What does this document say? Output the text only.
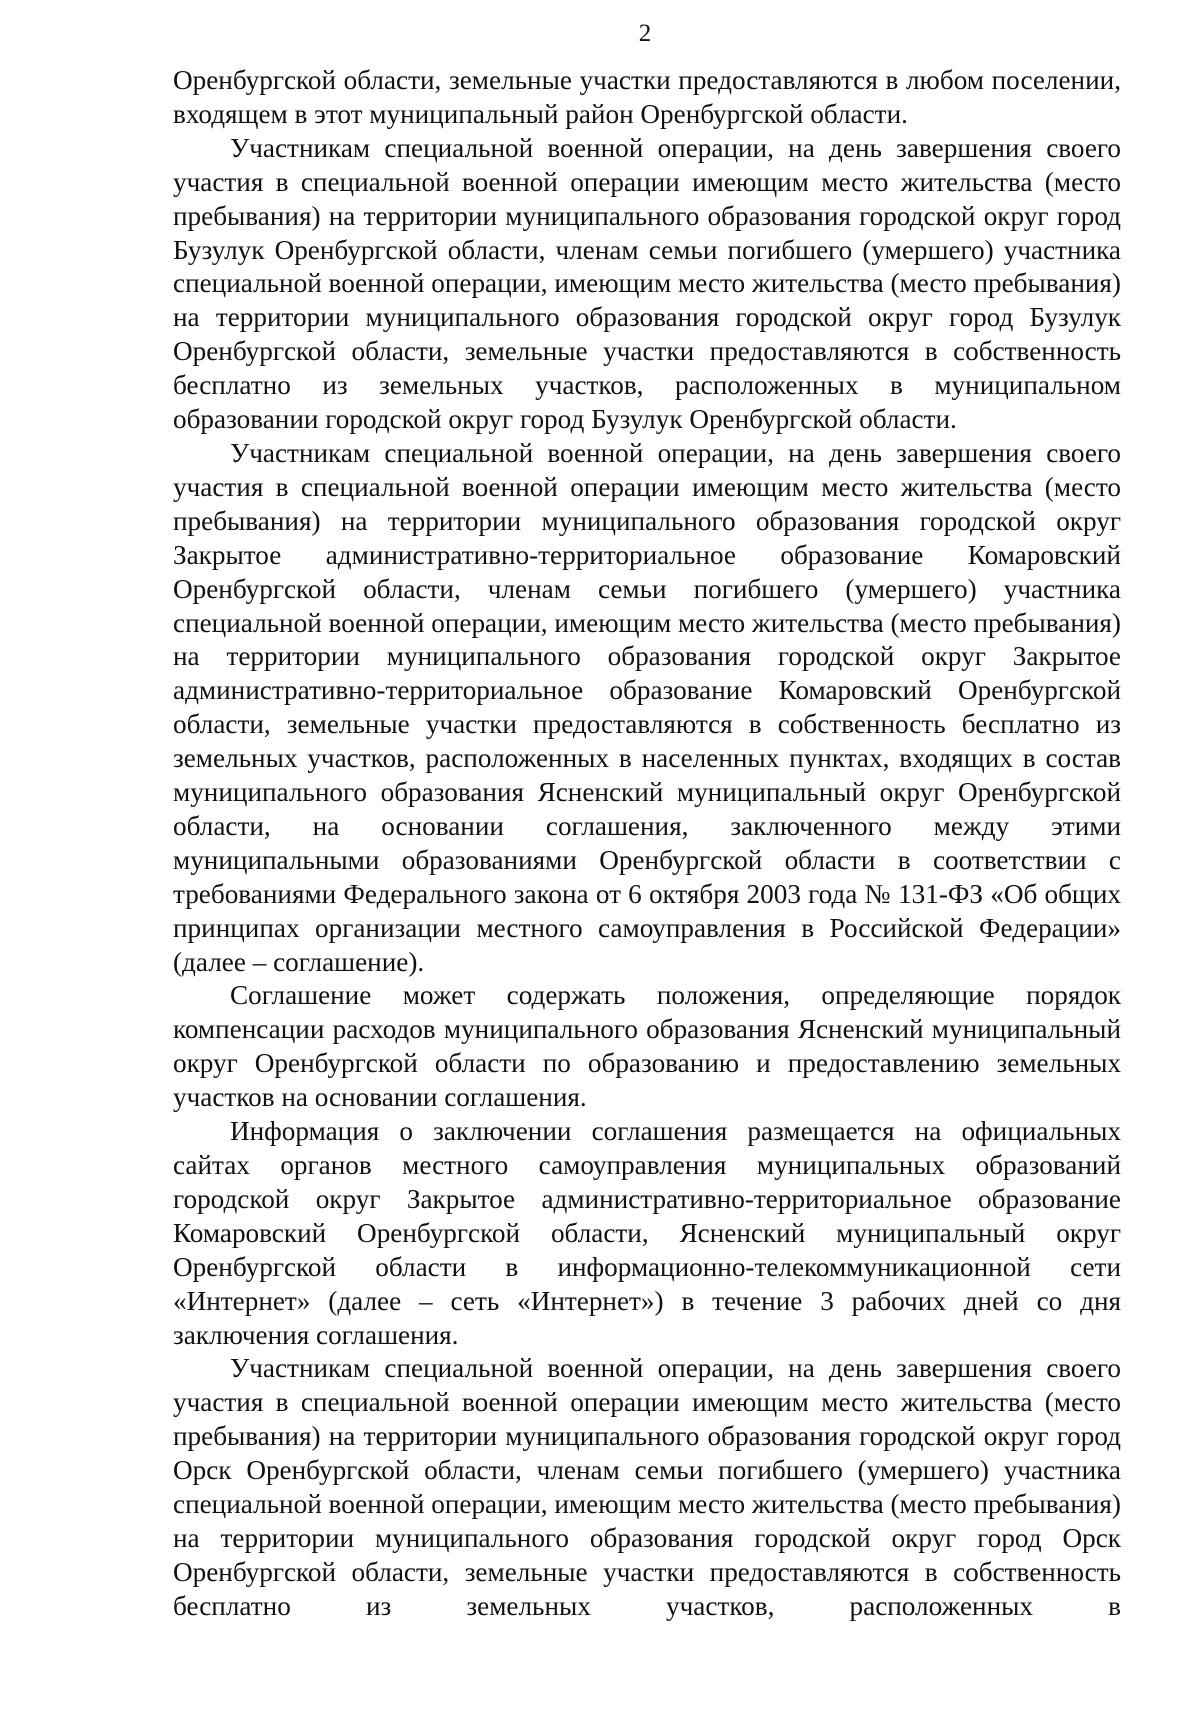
2

Оренбургской области, земельные участки предоставляются в любом поселении, входящем в этот муниципальный район Оренбургской области.

Участникам специальной военной операции, на день завершения своего участия в специальной военной операции имеющим место жительства (место пребывания) на территории муниципального образования городской округ город Бузулук Оренбургской области, членам семьи погибшего (умершего) участника специальной военной операции, имеющим место жительства (место пребывания) на территории муниципального образования городской округ город Бузулук Оренбургской области, земельные участки предоставляются в собственность бесплатно из земельных участков, расположенных в муниципальном образовании городской округ город Бузулук Оренбургской области.

Участникам специальной военной операции, на день завершения своего участия в специальной военной операции имеющим место жительства (место пребывания) на территории муниципального образования городской округ Закрытое административно-территориальное образование Комаровский Оренбургской области, членам семьи погибшего (умершего) участника специальной военной операции, имеющим место жительства (место пребывания) на территории муниципального образования городской округ Закрытое административно-территориальное образование Комаровский Оренбургской области, земельные участки предоставляются в собственность бесплатно из земельных участков, расположенных в населенных пунктах, входящих в состав муниципального образования Ясненский муниципальный округ Оренбургской области, на основании соглашения, заключенного между этими муниципальными образованиями Оренбургской области в соответствии с требованиями Федерального закона от 6 октября 2003 года № 131-ФЗ «Об общих принципах организации местного самоуправления в Российской Федерации» (далее – соглашение).

Соглашение может содержать положения, определяющие порядок компенсации расходов муниципального образования Ясненский муниципальный округ Оренбургской области по образованию и предоставлению земельных участков на основании соглашения.

Информация о заключении соглашения размещается на официальных сайтах органов местного самоуправления муниципальных образований городской округ Закрытое административно-территориальное образование Комаровский Оренбургской области, Ясненский муниципальный округ Оренбургской области в информационно-телекоммуникационной сети «Интернет» (далее – сеть «Интернет») в течение 3 рабочих дней со дня заключения соглашения.

Участникам специальной военной операции, на день завершения своего участия в специальной военной операции имеющим место жительства (место пребывания) на территории муниципального образования городской округ город Орск Оренбургской области, членам семьи погибшего (умершего) участника специальной военной операции, имеющим место жительства (место пребывания) на территории муниципального образования городской округ город Орск Оренбургской области, земельные участки предоставляются в собственность бесплатно из земельных участков, расположенных в
